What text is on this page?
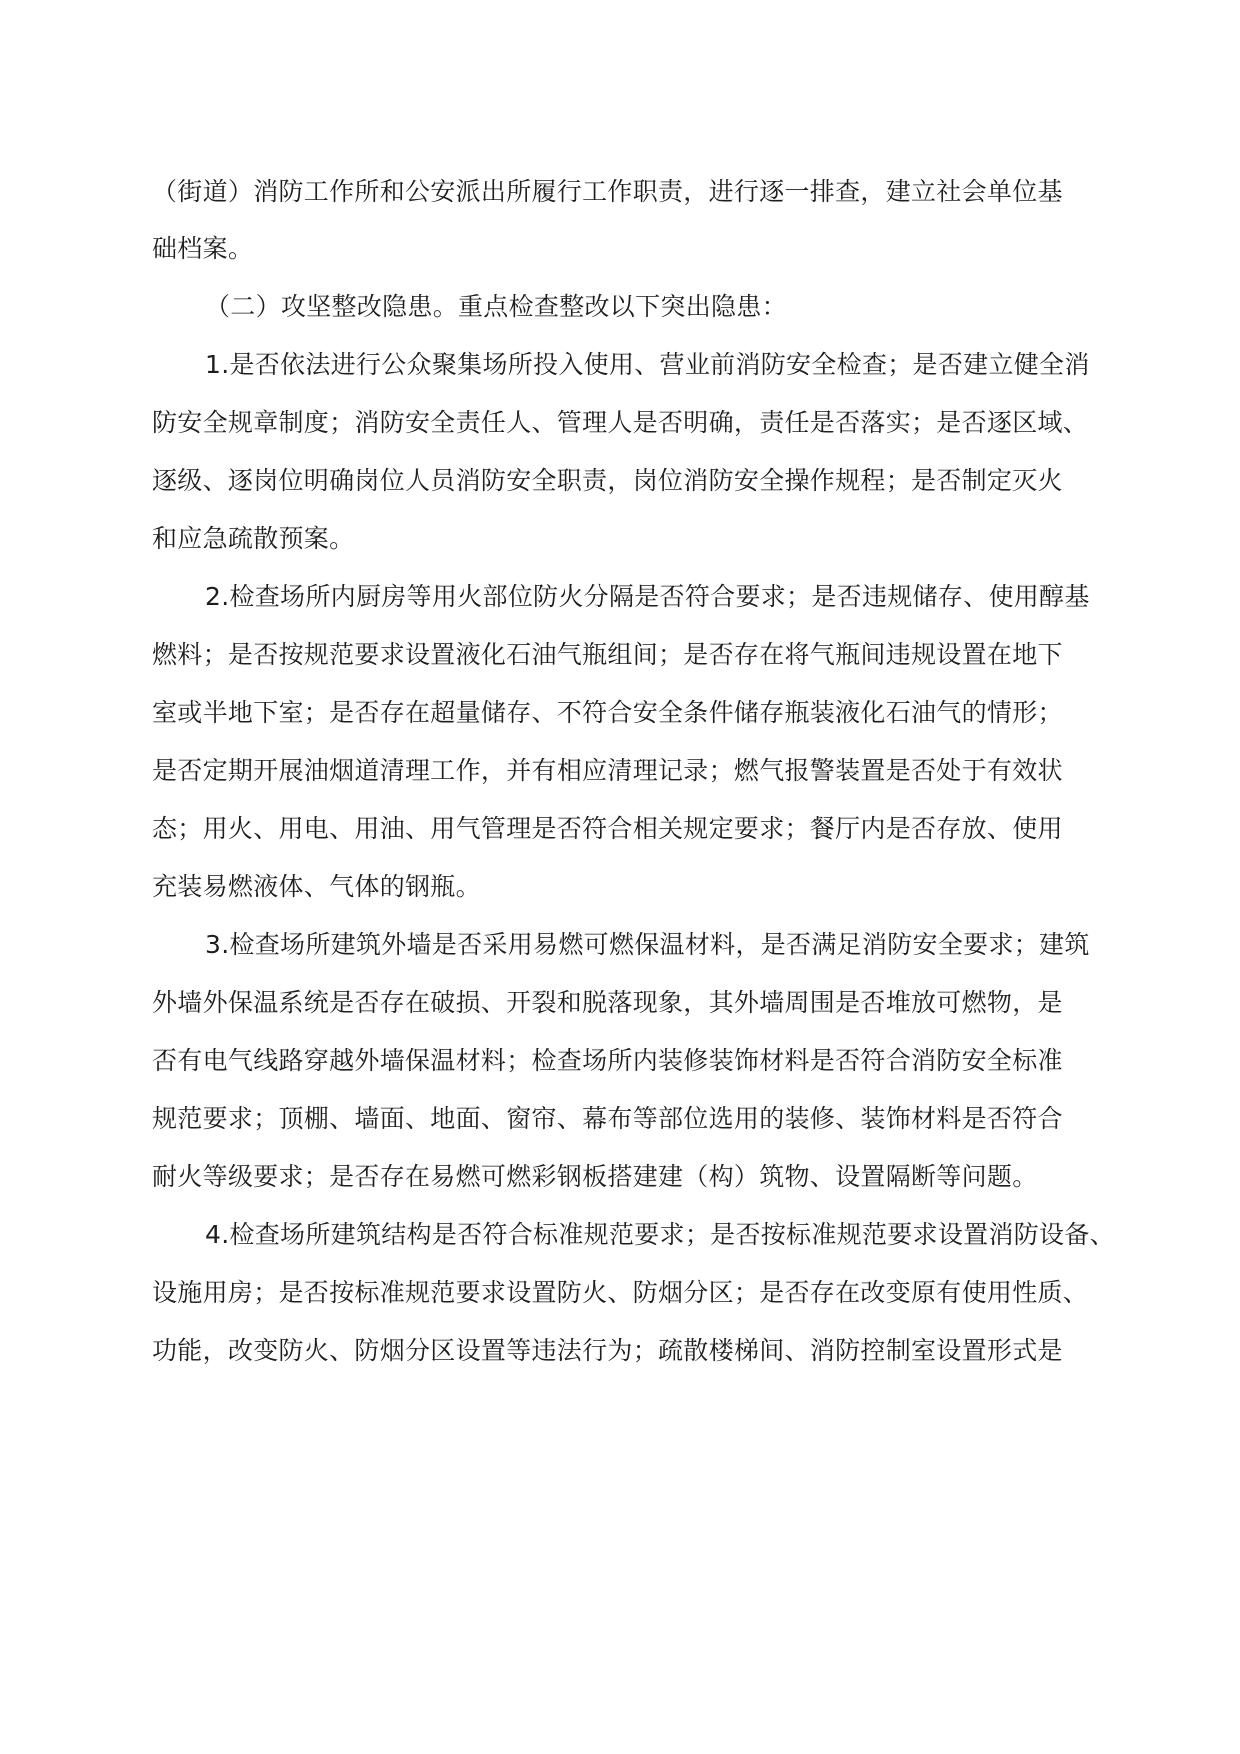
（街道）消防工作所和公安派出所履行工作职责，进行逐一排查，建立社会单位基

础档案。

（二）攻坚整改隐患。重点检查整改以下突出隐患：

1.是否依法进行公众聚集场所投入使用、营业前消防安全检查；是否建立健全消

防安全规章制度；消防安全责任人、管理人是否明确，责任是否落实；是否逐区域、

逐级、逐岗位明确岗位人员消防安全职责，岗位消防安全操作规程；是否制定灭火

和应急疏散预案。

2.检查场所内厨房等用火部位防火分隔是否符合要求；是否违规储存、使用醇基

燃料；是否按规范要求设置液化石油气瓶组间；是否存在将气瓶间违规设置在地下

室或半地下室；是否存在超量储存、不符合安全条件储存瓶装液化石油气的情形；

是否定期开展油烟道清理工作，并有相应清理记录；燃气报警装置是否处于有效状

态；用火、用电、用油、用气管理是否符合相关规定要求；餐厅内是否存放、使用

充装易燃液体、气体的钢瓶。

3.检查场所建筑外墙是否采用易燃可燃保温材料，是否满足消防安全要求；建筑

外墙外保温系统是否存在破损、开裂和脱落现象，其外墙周围是否堆放可燃物，是

否有电气线路穿越外墙保温材料；检查场所内装修装饰材料是否符合消防安全标准

规范要求；顶棚、墙面、地面、窗帘、幕布等部位选用的装修、装饰材料是否符合

耐火等级要求；是否存在易燃可燃彩钢板搭建建（构）筑物、设置隔断等问题。

4.检查场所建筑结构是否符合标准规范要求；是否按标准规范要求设置消防设备、

设施用房；是否按标准规范要求设置防火、防烟分区；是否存在改变原有使用性质、

功能，改变防火、防烟分区设置等违法行为；疏散楼梯间、消防控制室设置形式是
